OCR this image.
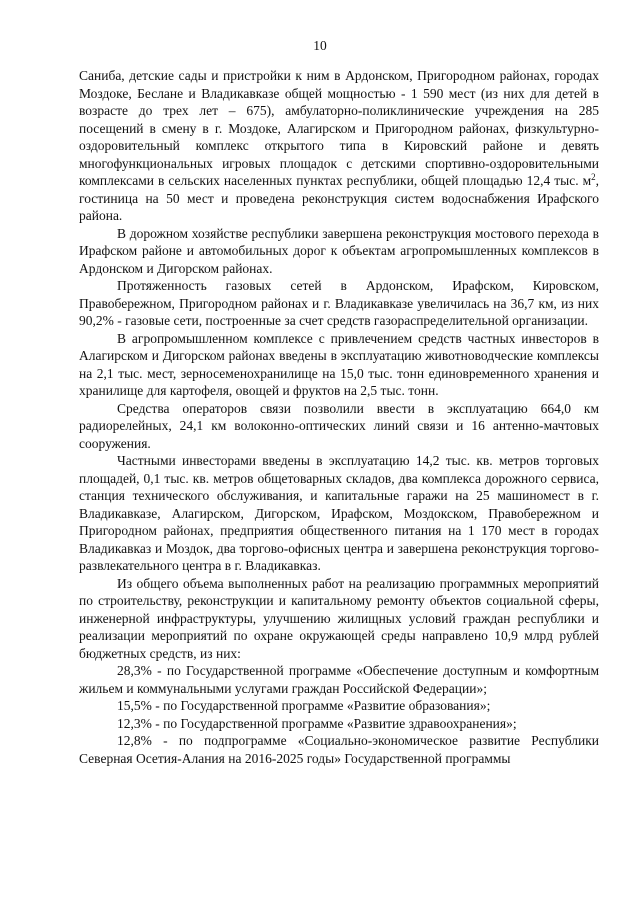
10

Саниба, детские сады и пристройки к ним в Ардонском, Пригородном районах, городах Моздоке, Беслане и Владикавказе общей мощностью - 1 590 мест (из них для детей в возрасте до трех лет – 675), амбулаторно-поликлинические учреждения на 285 посещений в смену в г. Моздоке, Алагирском и Пригородном районах, физкультурно-оздоровительный комплекс открытого типа в Кировский районе и девять многофункциональных игровых площадок с детскими спортивно-оздоровительными комплексами в сельских населенных пунктах республики, общей площадью 12,4 тыс. $м^2$, гостиница на 50 мест и проведена реконструкция систем водоснабжения Ирафского района.

В дорожном хозяйстве республики завершена реконструкция мостового перехода в Ирафском районе и автомобильных дорог к объектам агропромышленных комплексов в Ардонском и Дигорском районах.

Протяженность газовых сетей в Ардонском, Ирафском, Кировском, Правобережном, Пригородном районах и г. Владикавказе увеличилась на 36,7 км, из них 90,2% - газовые сети, построенные за счет средств газораспределительной организации.

В агропромышленном комплексе с привлечением средств частных инвесторов в Алагирском и Дигорском районах введены в эксплуатацию животноводческие комплексы на 2,1 тыс. мест, зерносеменохранилище на 15,0 тыс. тонн единовременного хранения и хранилище для картофеля, овощей и фруктов на 2,5 тыс. тонн.

Средства операторов связи позволили ввести в эксплуатацию 664,0 км радиорелейных, 24,1 км волоконно-оптических линий связи и 16 антенно-мачтовых сооружения.

Частными инвесторами введены в эксплуатацию 14,2 тыс. кв. метров торговых площадей, 0,1 тыс. кв. метров общетоварных складов, два комплекса дорожного сервиса, станция технического обслуживания, и капитальные гаражи на 25 машиномест в г. Владикавказе, Алагирском, Дигорском, Ирафском, Моздокском, Правобережном и Пригородном районах, предприятия общественного питания на 1 170 мест в городах Владикавказ и Моздок, два торгово-офисных центра и завершена реконструкция торгово-развлекательного центра в г. Владикавказ.

Из общего объема выполненных работ на реализацию программных мероприятий по строительству, реконструкции и капитальному ремонту объектов социальной сферы, инженерной инфраструктуры, улучшению жилищных условий граждан республики и реализации мероприятий по охране окружающей среды направлено 10,9 млрд рублей бюджетных средств, из них:

28,3% - по Государственной программе «Обеспечение доступным и комфортным жильем и коммунальными услугами граждан Российской Федерации»;

15,5% - по Государственной программе «Развитие образования»;

12,3% - по Государственной программе «Развитие здравоохранения»;

12,8% - по подпрограмме «Социально-экономическое развитие Республики Северная Осетия-Алания на 2016-2025 годы» Государственной программы
